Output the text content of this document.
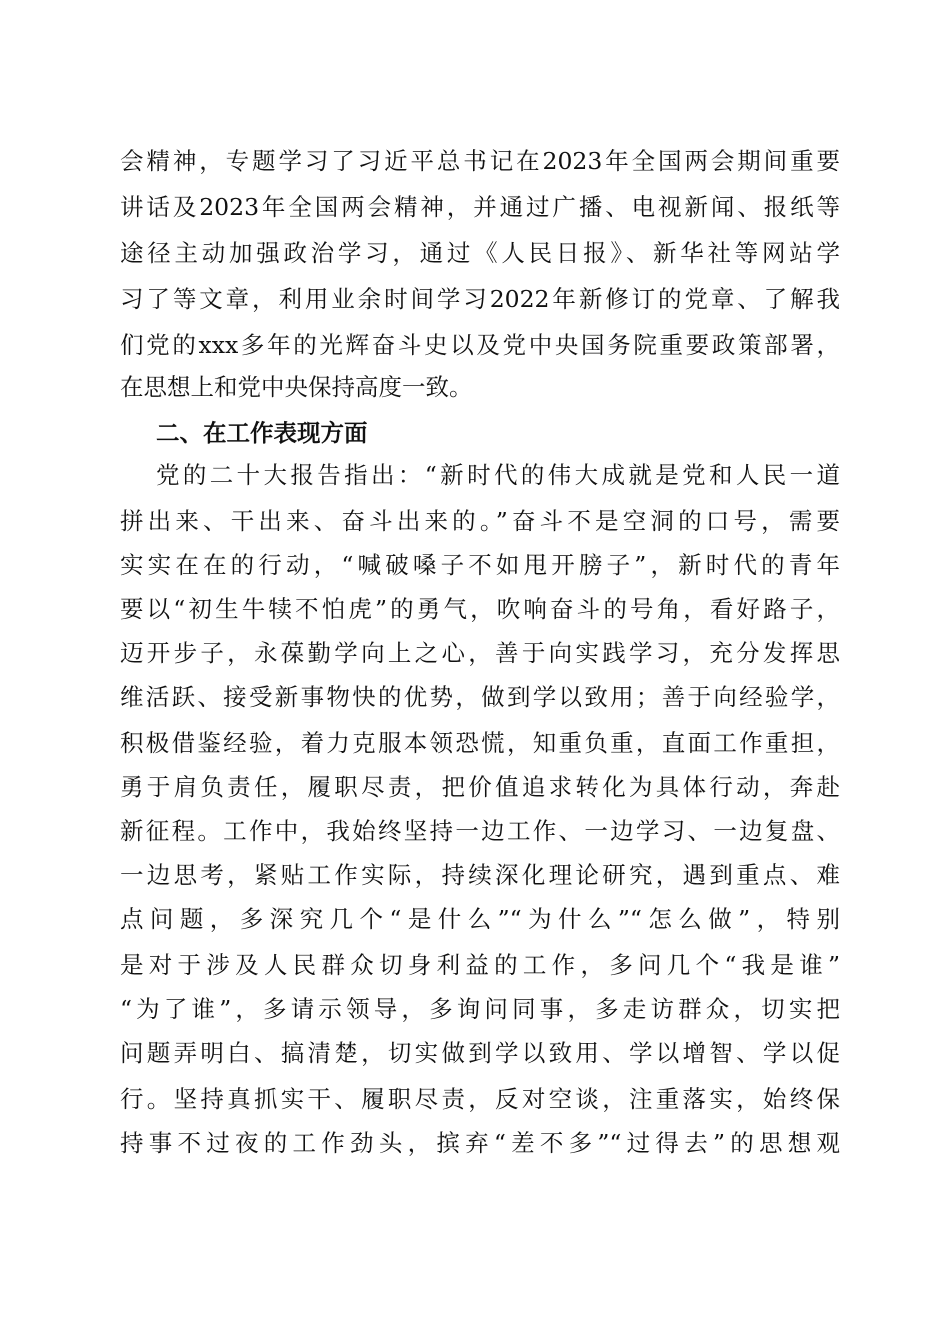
会精神，专题学习了习近平总书记在2023年全国两会期间重要
讲话及2023年全国两会精神，并通过广播、电视新闻、报纸等
途径主动加强政治学习，通过《人民日报》、新华社等网站学
习了等文章，利用业余时间学习2022年新修订的党章、了解我
们党的xxx多年的光辉奋斗史以及党中央国务院重要政策部署，
在思想上和党中央保持高度一致。
二、在工作表现方面
党的二十大报告指出：“新时代的伟大成就是党和人民一道
拼出来、干出来、奋斗出来的。”奋斗不是空洞的口号，需要
实实在在的行动，“喊破嗓子不如甩开膀子”，新时代的青年
要以“初生牛犊不怕虎”的勇气，吹响奋斗的号角，看好路子，
迈开步子，永葆勤学向上之心，善于向实践学习，充分发挥思
维活跃、接受新事物快的优势，做到学以致用；善于向经验学，
积极借鉴经验，着力克服本领恐慌，知重负重，直面工作重担，
勇于肩负责任，履职尽责，把价值追求转化为具体行动，奔赴
新征程。工作中，我始终坚持一边工作、一边学习、一边复盘、
一边思考，紧贴工作实际，持续深化理论研究，遇到重点、难
点问题，多深究几个“是什么”“为什么”“怎么做”，特别
是对于涉及人民群众切身利益的工作，多问几个“我是谁”
“为了谁”，多请示领导，多询问同事，多走访群众，切实把
问题弄明白、搞清楚，切实做到学以致用、学以增智、学以促
行。坚持真抓实干、履职尽责，反对空谈，注重落实，始终保
持事不过夜的工作劲头，摈弃“差不多”“过得去”的思想观
